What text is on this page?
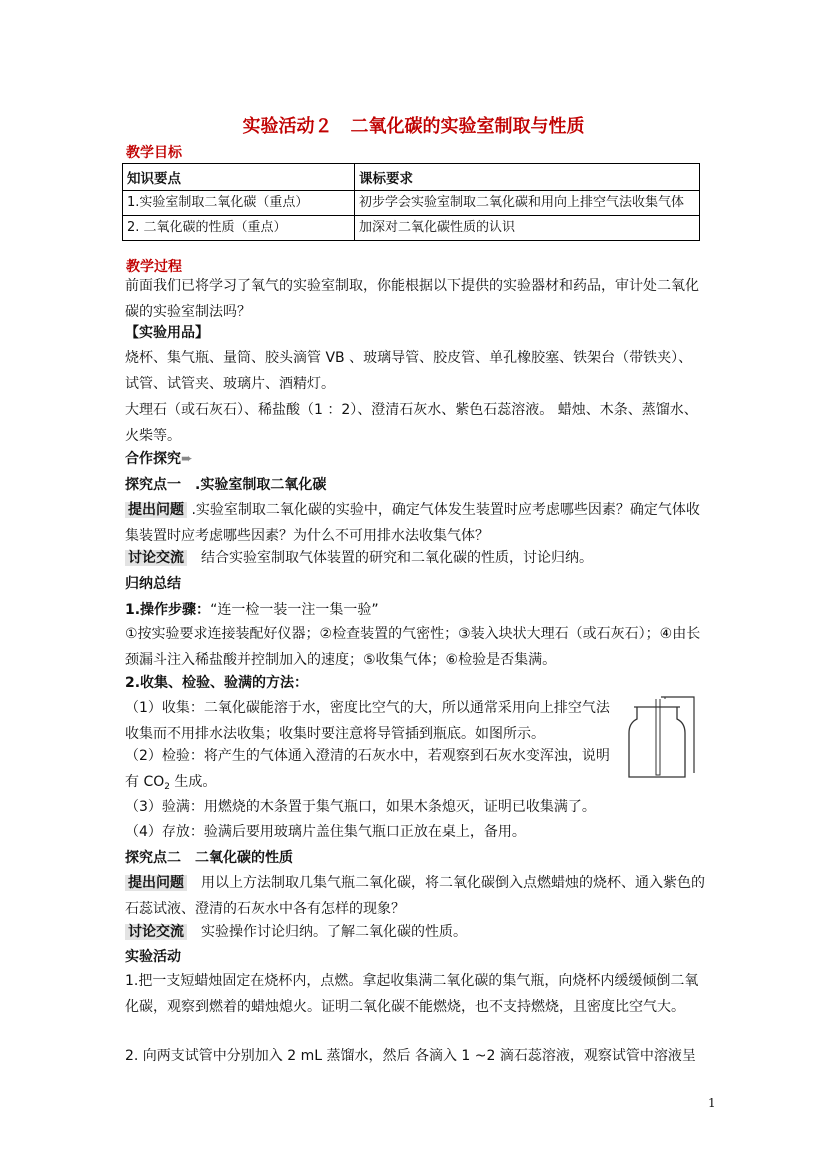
实验活动２　二氧化碳的实验室制取与性质
教学目标
知识要点	课标要求
1.实验室制取二氧化碳（重点）	初步学会实验室制取二氧化碳和用向上排空气法收集气体
2. 二氧化碳的性质（重点）	加深对二氧化碳性质的认识
教学过程
前面我们已将学习了氧气的实验室制取，你能根据以下提供的实验器材和药品，审计处二氧化碳的实验室制法吗？
【实验用品】
烧杯、集气瓶、量筒、胶头滴管 VB 、玻璃导管、胶皮管、单孔橡胶塞、铁架台（带铁夹）、试管、试管夹、玻璃片、酒精灯。
大理石（或石灰石）、稀盐酸（1 ：2）、澄清石灰水、紫色石蕊溶液。 蜡烛、木条、蒸馏水、火柴等。
合作探究➨
探究点一　.实验室制取二氧化碳
提出问题 .实验室制取二氧化碳的实验中，确定气体发生装置时应考虑哪些因素？确定气体收集装置时应考虑哪些因素？为什么不可用排水法收集气体？
讨论交流　结合实验室制取气体装置的研究和二氧化碳的性质，讨论归纳。
归纳总结
1.操作步骤：“连一检一装一注一集一验”
①按实验要求连接装配好仪器；②检查装置的气密性；③装入块状大理石（或石灰石）；④由长颈漏斗注入稀盐酸并控制加入的速度；⑤收集气体；⑥检验是否集满。
2.收集、检验、验满的方法：
（1）收集：二氧化碳能溶于水，密度比空气的大，所以通常采用向上排空气法收集而不用排水法收集；收集时要注意将导管插到瓶底。如图所示。
（2）检验：将产生的气体通入澄清的石灰水中，若观察到石灰水变浑浊，说明有 $CO_2$ 生成。
（3）验满：用燃烧的木条置于集气瓶口，如果木条熄灭，证明已收集满了。
（4）存放：验满后要用玻璃片盖住集气瓶口正放在桌上，备用。
探究点二　二氧化碳的性质
提出问题　用以上方法制取几集气瓶二氧化碳，将二氧化碳倒入点燃蜡烛的烧杯、通入紫色的石蕊试液、澄清的石灰水中各有怎样的现象？
讨论交流　实验操作讨论归纳。了解二氧化碳的性质。
实验活动
1.把一支短蜡烛固定在烧杯内，点燃。拿起收集满二氧化碳的集气瓶，向烧杯内缓缓倾倒二氧化碳，观察到燃着的蜡烛熄火。证明二氧化碳不能燃烧，也不支持燃烧，且密度比空气大。
2. 向两支试管中分别加入 2 mL 蒸馏水，然后 各滴入 1 ~2 滴石蕊溶液，观察试管中溶液呈
1
